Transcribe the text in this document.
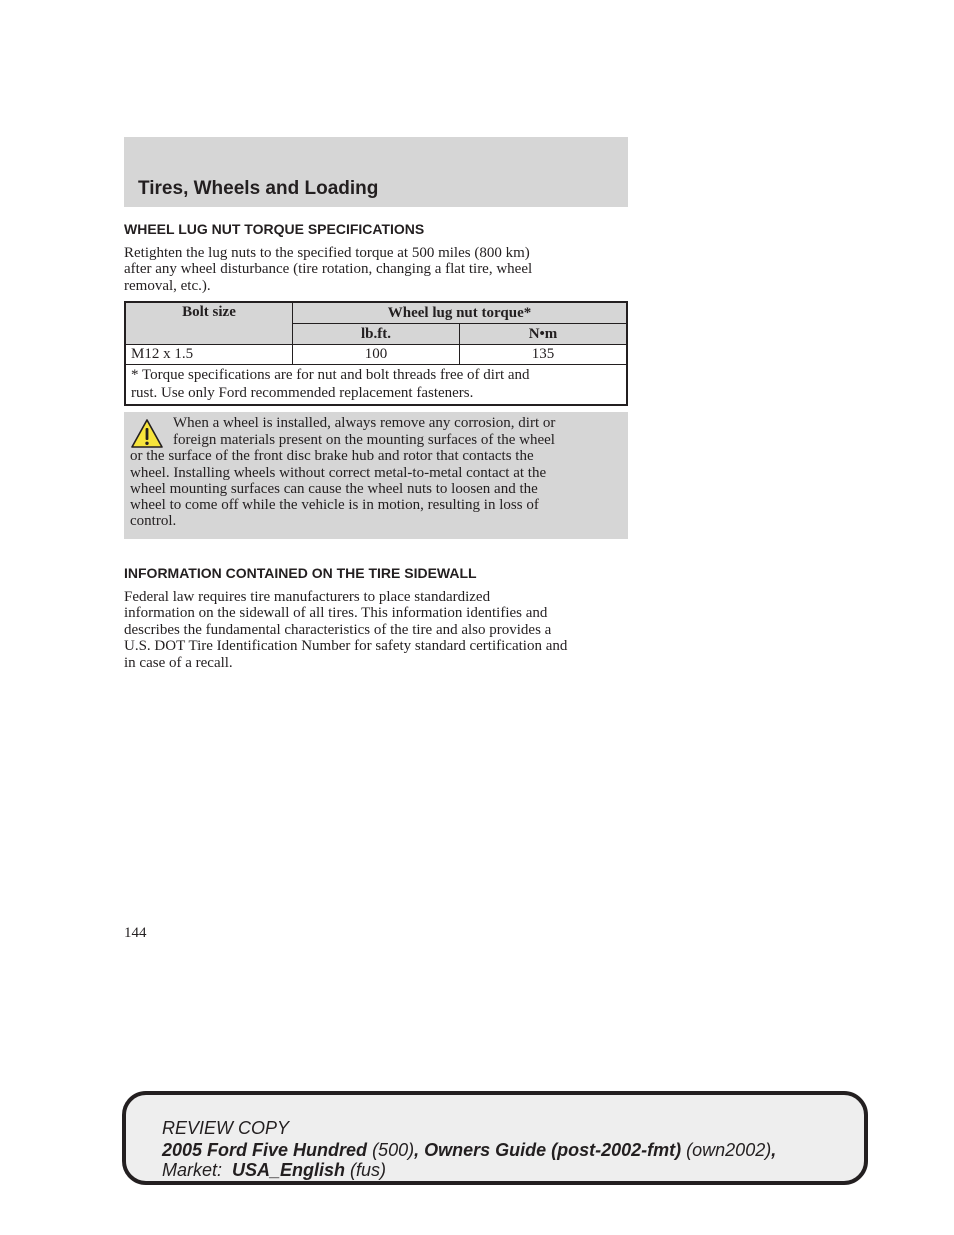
Tires, Wheels and Loading
WHEEL LUG NUT TORQUE SPECIFICATIONS
Retighten the lug nuts to the specified torque at 500 miles (800 km)
after any wheel disturbance (tire rotation, changing a flat tire, wheel
removal, etc.).
Bolt size	Wheel lug nut torque*	
	lb.ft.	N•m
M12 x 1.5	100	135

* Torque specifications are for nut and bolt threads free of dirt and
rust. Use only Ford recommended replacement fasteners.		
When a wheel is installed, always remove any corrosion, dirt or
foreign materials present on the mounting surfaces of the wheel
or the surface of the front disc brake hub and rotor that contacts the
wheel. Installing wheels without correct metal-to-metal contact at the
wheel mounting surfaces can cause the wheel nuts to loosen and the
wheel to come off while the vehicle is in motion, resulting in loss of
control.
INFORMATION CONTAINED ON THE TIRE SIDEWALL
Federal law requires tire manufacturers to place standardized
information on the sidewall of all tires. This information identifies and
describes the fundamental characteristics of the tire and also provides a
U.S. DOT Tire Identification Number for safety standard certification and
in case of a recall.
144
REVIEW COPY
2005 Ford Five Hundred (500), Owners Guide (post-2002-fmt) (own2002),
Market:  USA_English (fus)
